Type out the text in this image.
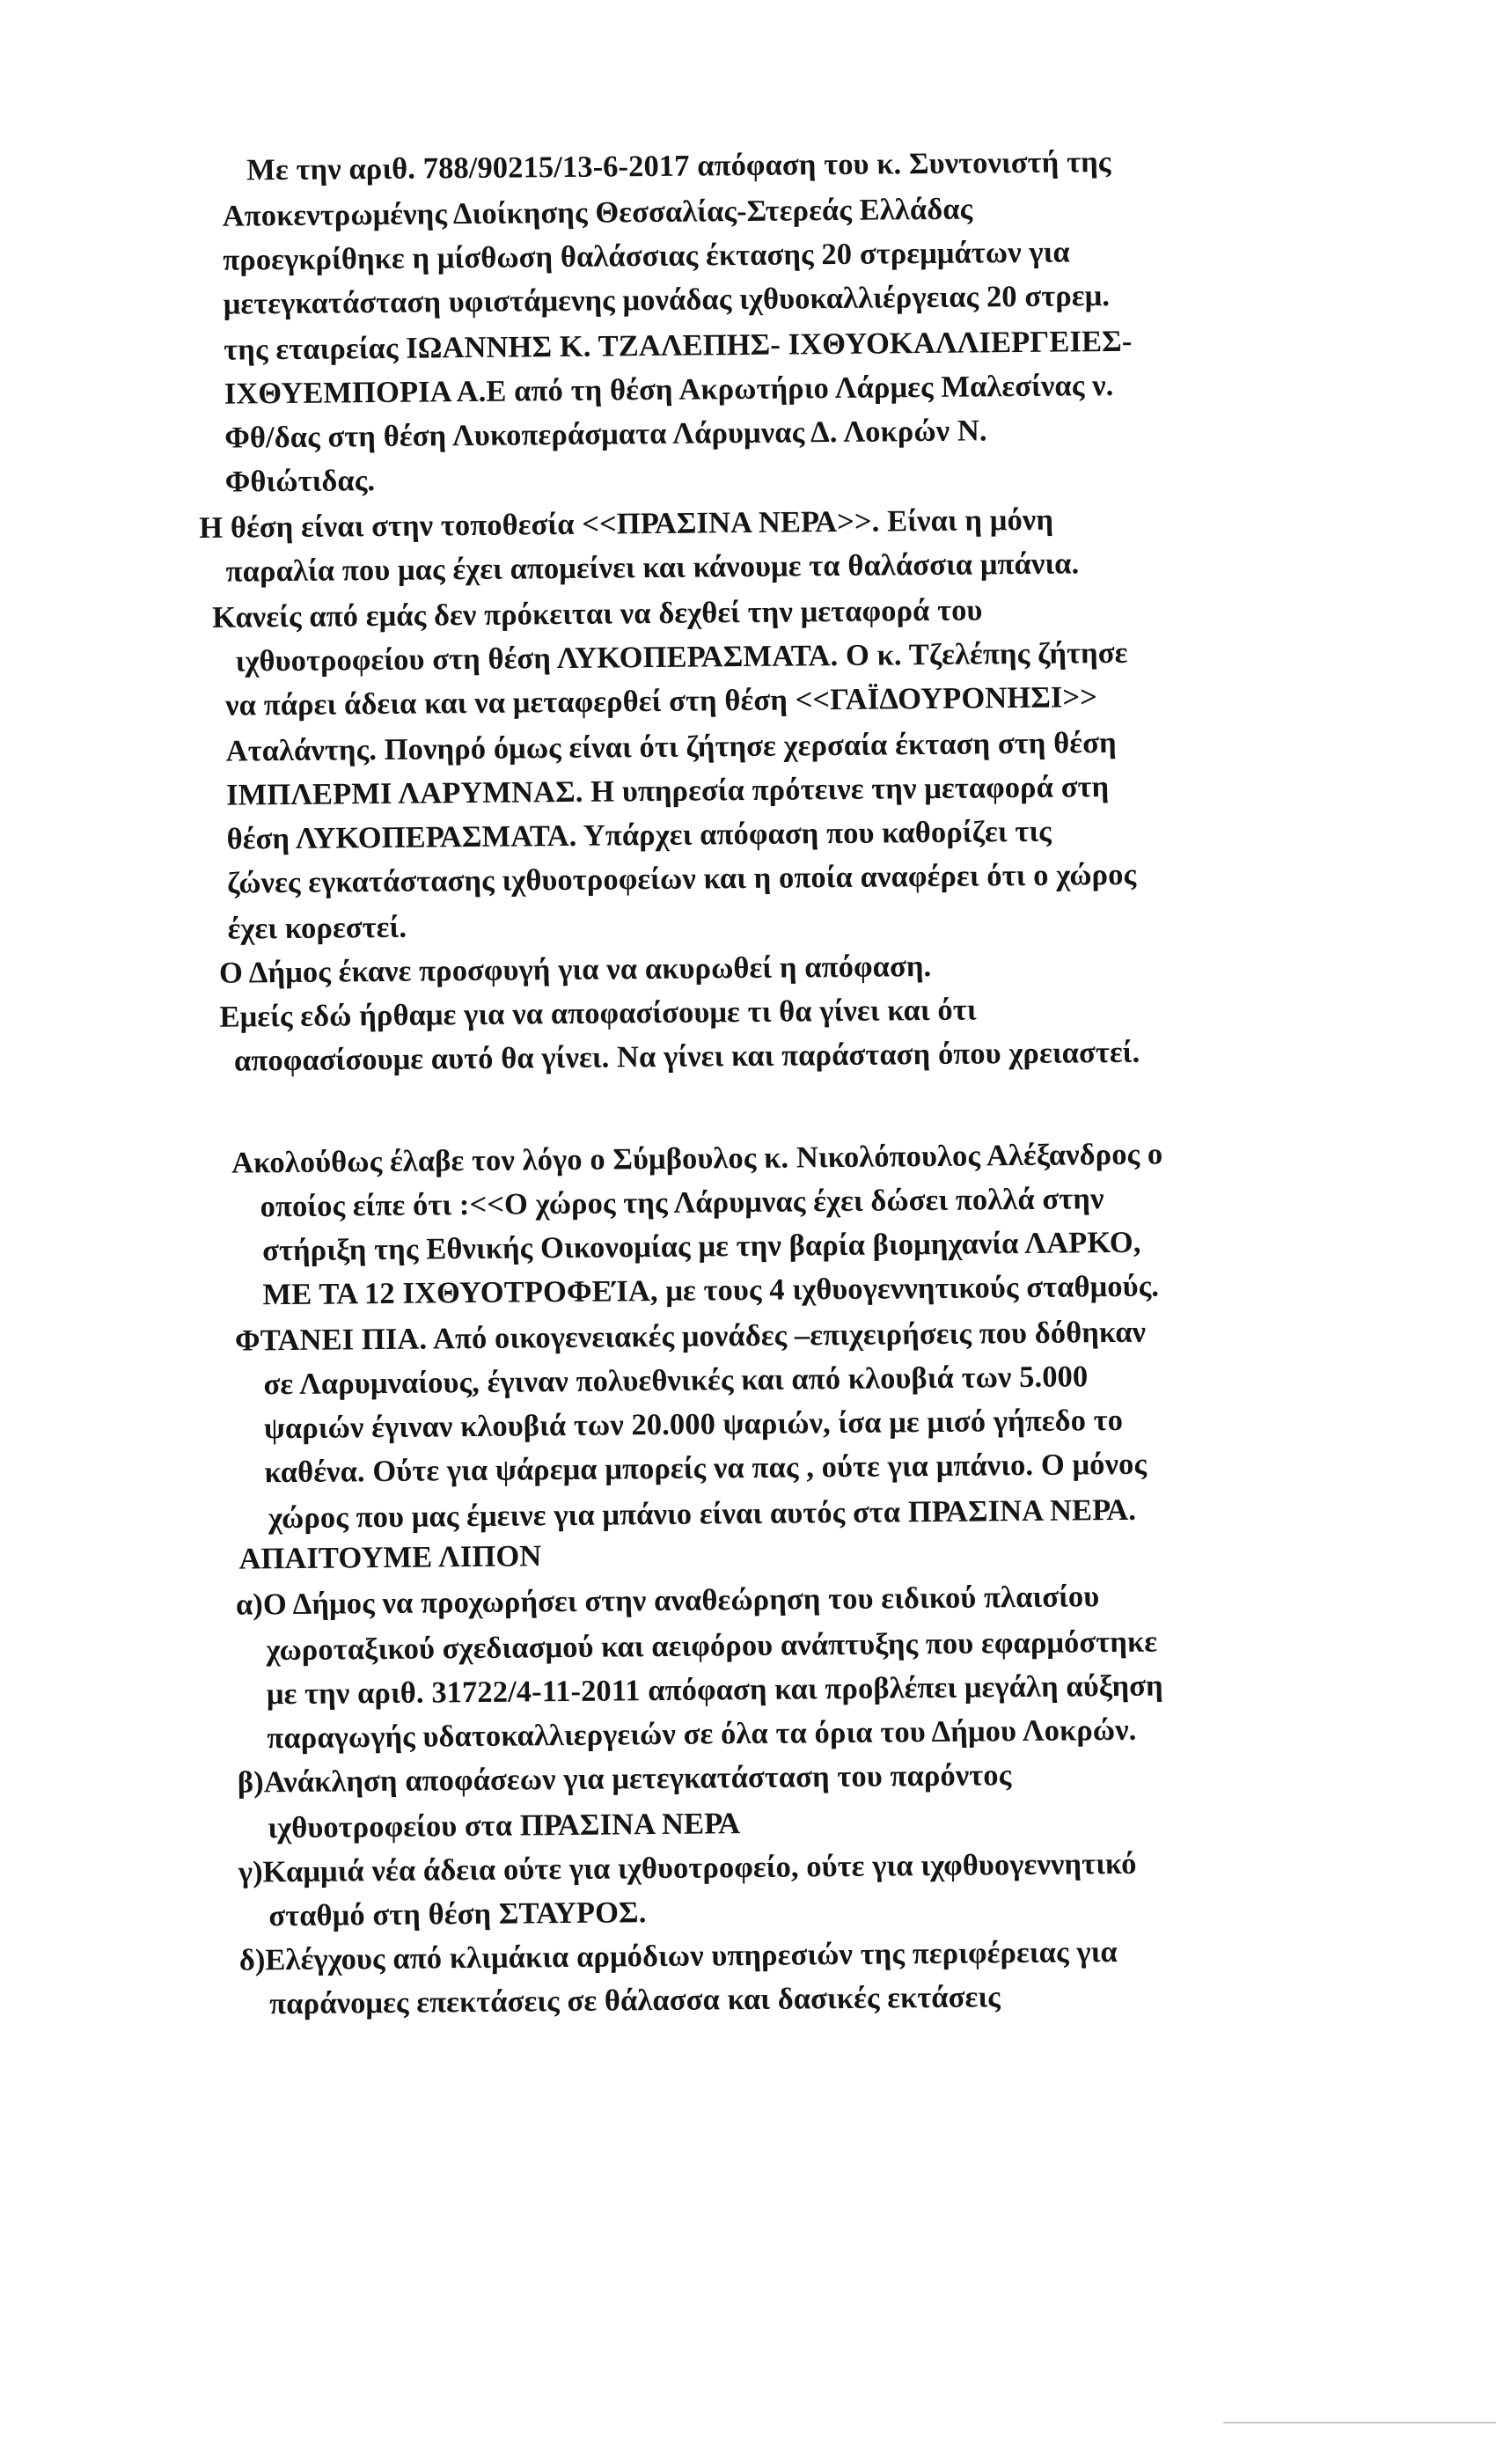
Με την αριθ. 788/90215/13-6-2017 απόφαση του κ. Συντονιστή της
Αποκεντρωμένης Διοίκησης Θεσσαλίας-Στερεάς Ελλάδας
προεγκρίθηκε η μίσθωση θαλάσσιας έκτασης 20 στρεμμάτων για
μετεγκατάσταση υφιστάμενης μονάδας ιχθυοκαλλιέργειας 20 στρεμ.
της εταιρείας ΙΩΑΝΝΗΣ Κ. ΤΖΑΛΕΠΗΣ- ΙΧΘΥΟΚΑΛΛΙΕΡΓΕΙΕΣ-
ΙΧΘΥΕΜΠΟΡΙΑ Α.Ε από τη θέση Ακρωτήριο Λάρμες Μαλεσίνας ν.
Φθ/δας στη θέση Λυκοπεράσματα Λάρυμνας Δ. Λοκρών Ν.
Φθιώτιδας.
Η θέση είναι στην τοποθεσία <<ΠΡΑΣΙΝΑ ΝΕΡΑ>>. Είναι η μόνη
παραλία που μας έχει απομείνει και κάνουμε τα θαλάσσια μπάνια.
Κανείς από εμάς δεν πρόκειται να δεχθεί την μεταφορά του
ιχθυοτροφείου στη θέση ΛΥΚΟΠΕΡΑΣΜΑΤΑ. Ο κ. Τζελέπης ζήτησε
να πάρει άδεια και να μεταφερθεί στη θέση <<ΓΑΪΔΟΥΡΟΝΗΣΙ>>
Αταλάντης. Πονηρό όμως είναι ότι ζήτησε χερσαία έκταση στη θέση
ΙΜΠΛΕΡΜΙ ΛΑΡΥΜΝΑΣ. Η υπηρεσία πρότεινε την μεταφορά στη
θέση ΛΥΚΟΠΕΡΑΣΜΑΤΑ. Υπάρχει απόφαση που καθορίζει τις
ζώνες εγκατάστασης ιχθυοτροφείων και η οποία αναφέρει ότι ο χώρος
έχει κορεστεί.
Ο Δήμος έκανε προσφυγή για να ακυρωθεί η απόφαση.
Εμείς εδώ ήρθαμε για να αποφασίσουμε τι θα γίνει και ότι
αποφασίσουμε αυτό θα γίνει. Να γίνει και παράσταση όπου χρειαστεί.
Ακολούθως έλαβε τον λόγο ο Σύμβουλος κ. Νικολόπουλος Αλέξανδρος ο
οποίος είπε ότι :<<Ο χώρος της Λάρυμνας έχει δώσει πολλά στην
στήριξη της Εθνικής Οικονομίας με την βαρία βιομηχανία ΛΑΡΚΟ,
ΜΕ ΤΑ 12 ΙΧΘΥΟΤΡΟΦΕΊΑ, με τους 4 ιχθυογεννητικούς σταθμούς.
ΦΤΑΝΕΙ ΠΙΑ. Από οικογενειακές μονάδες –επιχειρήσεις που δόθηκαν
σε Λαρυμναίους, έγιναν πολυεθνικές και από κλουβιά των 5.000
ψαριών έγιναν κλουβιά των 20.000 ψαριών, ίσα με μισό γήπεδο το
καθένα. Ούτε για ψάρεμα μπορείς να πας , ούτε για μπάνιο. Ο μόνος
χώρος που μας έμεινε για μπάνιο είναι αυτός στα ΠΡΑΣΙΝΑ ΝΕΡΑ.
ΑΠΑΙΤΟΥΜΕ ΛΙΠΟΝ
α)Ο Δήμος να προχωρήσει στην αναθεώρηση του ειδικού πλαισίου
χωροταξικού σχεδιασμού και αειφόρου ανάπτυξης που εφαρμόστηκε
με την αριθ. 31722/4-11-2011 απόφαση και προβλέπει μεγάλη αύξηση
παραγωγής υδατοκαλλιεργειών σε όλα τα όρια του Δήμου Λοκρών.
β)Ανάκληση αποφάσεων για μετεγκατάσταση του παρόντος
ιχθυοτροφείου στα ΠΡΑΣΙΝΑ ΝΕΡΑ
γ)Καμμιά νέα άδεια ούτε για ιχθυοτροφείο, ούτε για ιχφθυογεννητικό
σταθμό στη θέση ΣΤΑΥΡΟΣ.
δ)Ελέγχους από κλιμάκια αρμόδιων υπηρεσιών της περιφέρειας για
παράνομες επεκτάσεις σε θάλασσα και δασικές εκτάσεις
